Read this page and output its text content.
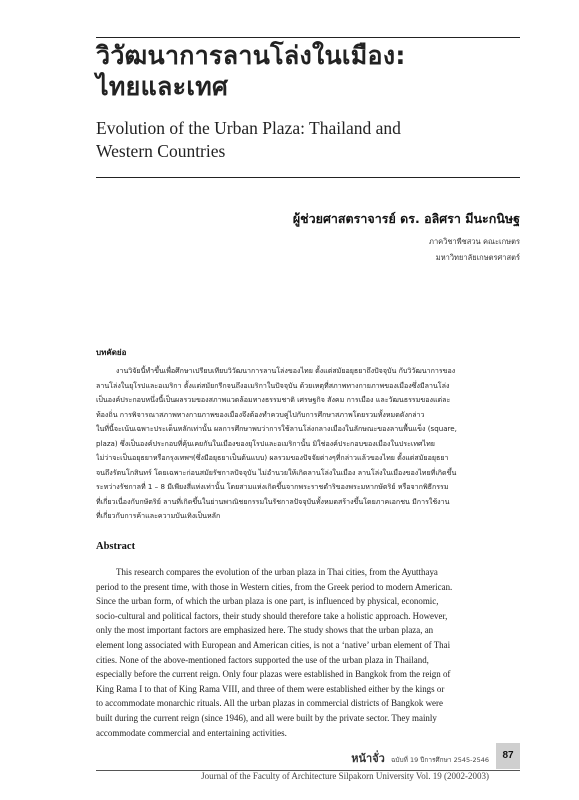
วิวัฒนาการลานโล่งในเมือง:
ไทยและเทศ
Evolution of the Urban Plaza: Thailand and
Western Countries
ผู้ช่วยศาสตราจารย์ ดร. อลิศรา มีนะกนิษฐ
ภาควิชาพืชสวน คณะเกษตร
มหาวิทยาลัยเกษตรศาสตร์
บทคัดย่อ
งานวิจัยนี้ทำขึ้นเพื่อศึกษาเปรียบเทียบวิวัฒนาการลานโล่งของไทย ตั้งแต่สมัยอยุธยาถึงปัจจุบัน กับวิวัฒนาการของ
ลานโล่งในยุโรปและอเมริกา ตั้งแต่สมัยกรีกจนถึงอเมริกาในปัจจุบัน ด้วยเหตุที่สภาพทางกายภาพของเมืองซึ่งมีลานโล่ง
เป็นองค์ประกอบหนึ่งนี้เป็นผลรวมของสภาพแวดล้อมทางธรรมชาติ เศรษฐกิจ สังคม การเมือง และวัฒนธรรมของแต่ละ
ท้องถิ่น การพิจารณาสภาพทางกายภาพของเมืองจึงต้องทำควบคู่ไปกับการศึกษาสภาพโดยรวมทั้งหมดดังกล่าว
ในที่นี้จะเน้นเฉพาะประเด็นหลักเท่านั้น ผลการศึกษาพบว่าการใช้ลานโล่งกลางเมืองในลักษณะของลานพื้นแข็ง (square,
plaza) ซึ่งเป็นองค์ประกอบที่คุ้นเคยกันในเมืองของยุโรปและอเมริกานั้น มิใช่องค์ประกอบของเมืองในประเทศไทย
ไม่ว่าจะเป็นอยุธยาหรือกรุงเทพฯ(ซึ่งมีอยุธยาเป็นต้นแบบ) ผลรวมของปัจจัยต่างๆที่กล่าวแล้วของไทย ตั้งแต่สมัยอยุธยา
จนถึงรัตนโกสินทร์ โดยเฉพาะก่อนสมัยรัชกาลปัจจุบัน ไม่อำนวยให้เกิดลานโล่งในเมือง ลานโล่งในเมืองของไทยที่เกิดขึ้น
ระหว่างรัชกาลที่ 1 – 8 มีเพียงสี่แห่งเท่านั้น โดยสามแห่งเกิดขึ้นจากพระราชดำริของพระมหากษัตริย์ หรือจากพิธีกรรม
ที่เกี่ยวเนื่องกับกษัตริย์ ลานที่เกิดขึ้นในย่านพาณิชยกรรมในรัชกาลปัจจุบันทั้งหมดสร้างขึ้นโดยภาคเอกชน มีการใช้งาน
ที่เกี่ยวกับการค้าและความบันเทิงเป็นหลัก
Abstract
This research compares the evolution of the urban plaza in Thai cities, from the Ayutthaya
period to the present time, with those in Western cities, from the Greek period to modern American.
Since the urban form, of which the urban plaza is one part, is influenced by physical, economic,
socio-cultural and political factors, their study should therefore take a holistic approach. However,
only the most important factors are emphasized here. The study shows that the urban plaza, an
element long associated with European and American cities, is not a ‘native’ urban element of Thai
cities. None of the above-mentioned factors supported the use of the urban plaza in Thailand,
especially before the current reign. Only four plazas were established in Bangkok from the reign of
King Rama I to that of King Rama VIII, and three of them were established either by the kings or
to accommodate monarchic rituals. All the urban plazas in commercial districts of Bangkok were
built during the current reign (since 1946), and all were built by the private sector. They mainly
accommodate commercial and entertaining activities.
หน้าจั่ว ฉบับที่ 19 ปีการศึกษา 2545-2546
Journal of the Faculty of Architecture Silpakorn University Vol. 19 (2002-2003)
87
